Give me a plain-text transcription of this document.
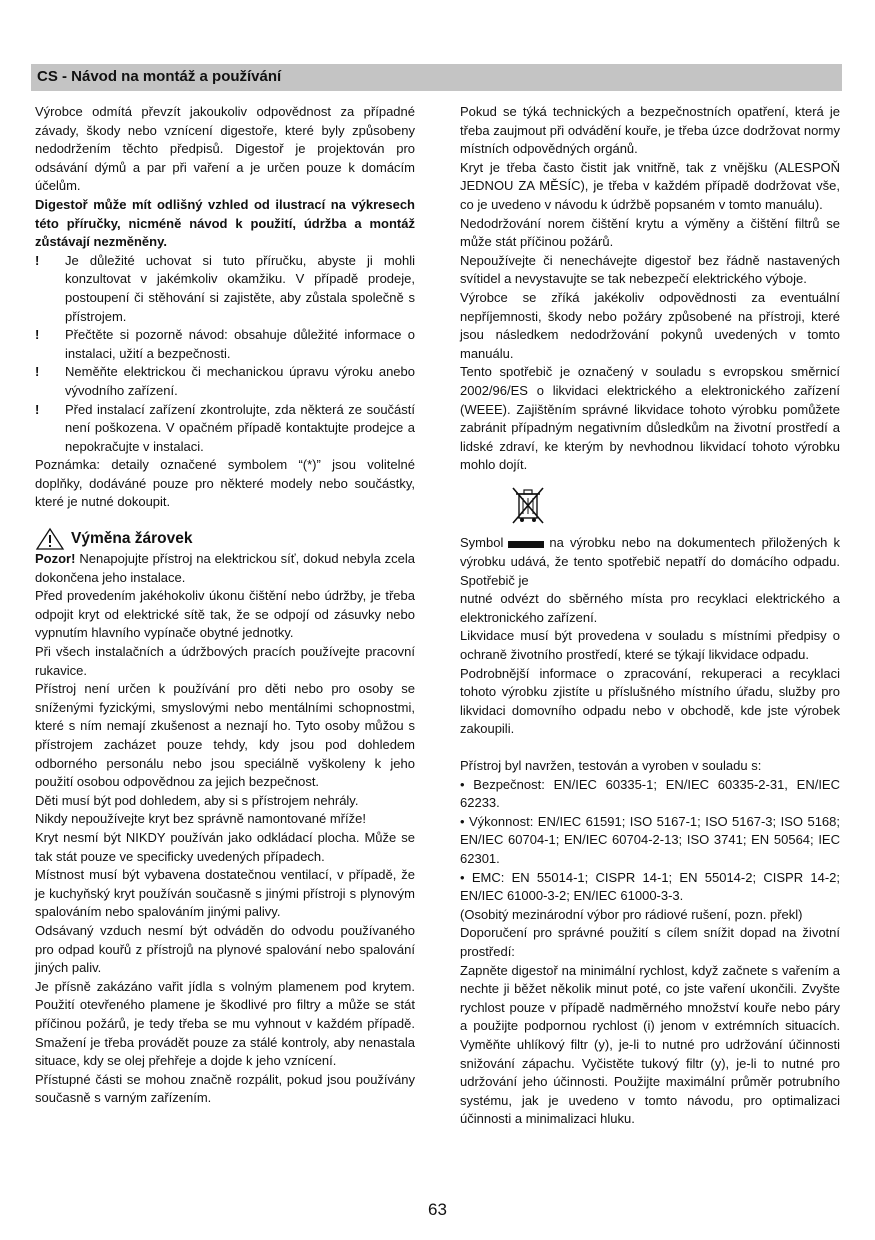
CS - Návod na montáž a používání

Výrobce odmítá převzít jakoukoliv odpovědnost za případné závady, škody nebo vznícení digestoře, které byly způsobeny nedodržením těchto předpisů. Digestoř je projektován pro odsávání dýmů a par při vaření a je určen pouze k domácím účelům.

Digestoř může mít odlišný vzhled od ilustrací na výkresech této příručky, nicméně návod k použití, údržba a montáž zůstávají nezměněny.

! Je důležité uchovat si tuto příručku, abyste ji mohli konzultovat v jakémkoliv okamžiku. V případě prodeje, postoupení či stěhování si zajistěte, aby zůstala společně s přístrojem.

! Přečtěte si pozorně návod: obsahuje důležité informace o instalaci, užití a bezpečnosti.

! Neměňte elektrickou či mechanickou úpravu výroku anebo vývodního zařízení.

! Před instalací zařízení zkontrolujte, zda některá ze součástí není poškozena. V opačném případě kontaktujte prodejce a nepokračujte v instalaci.

Poznámka: detaily označené symbolem “(*)” jsou volitelné doplňky, dodáváné pouze pro některé modely nebo součástky, které je nutné dokoupit.

Výměna žárovek

Pozor! Nenapojujte přístroj na elektrickou síť, dokud nebyla zcela dokončena jeho instalace.

Před provedením jakéhokoliv úkonu čištění nebo údržby, je třeba odpojit kryt od elektrické sítě tak, že se odpojí od zásuvky nebo vypnutím hlavního vypínače obytné jednotky.

Při všech instalačních a údržbových pracích používejte pracovní rukavice.

Přístroj není určen k používání pro děti nebo pro osoby se sníženými fyzickými, smyslovými nebo mentálními schopnostmi, které s ním nemají zkušenost a neznají ho. Tyto osoby můžou s přístrojem zacházet pouze tehdy, kdy jsou pod dohledem odborného personálu nebo jsou speciálně vyškoleny k jeho použití osobou odpovědnou za jejich bezpečnost.

Děti musí být pod dohledem, aby si s přístrojem nehrály.

Nikdy nepoužívejte kryt bez správně namontované mříže!

Kryt nesmí být NIKDY používán jako odkládací plocha. Může se tak stát pouze ve specificky uvedených případech.

Místnost musí být vybavena dostatečnou ventilací, v případě, že je kuchyňský kryt používán současně s jinými přístroji s plynovým spalováním nebo spalováním jinými palivy.

Odsávaný vzduch nesmí být odváděn do odvodu používaného pro odpad kouřů z přístrojů na plynové spalování nebo spalování jiných paliv.

Je přísně zakázáno vařit jídla s volným plamenem pod krytem. Použití otevřeného plamene je škodlivé pro filtry a může se stát příčinou požárů, je tedy třeba se mu vyhnout v každém případě. Smažení je třeba provádět pouze za stálé kontroly, aby nenastala situace, kdy se olej přehřeje a dojde k jeho vznícení.

Přístupné části se mohou značně rozpálit, pokud jsou používány současně s varným zařízením.

Pokud se týká technických a bezpečnostních opatření, která je třeba zaujmout při odvádění kouře, je třeba úzce dodržovat normy místních odpovědných orgánů.

Kryt je třeba často čistit jak vnitřně, tak z vnějšku (ALESPOŇ JEDNOU ZA MĚSÍC), je třeba v každém případě dodržovat vše, co je uvedeno v návodu k údržbě popsaném v tomto manuálu).

Nedodržování norem čištění krytu a výměny a čištění filtrů se může stát příčinou požárů.

Nepoužívejte či nenechávejte digestoř bez řádně nastavených svítidel a nevystavujte se tak nebezpečí elektrického výboje.

Výrobce se zříká jakékoliv odpovědnosti za eventuální nepříjemnosti, škody nebo požáry způsobené na přístroji, které jsou následkem nedodržování pokynů uvedených v tomto manuálu.

Tento spotřebič je označený v souladu s evropskou směrnicí 2002/96/ES o likvidaci elektrického a elektronického zařízení (WEEE). Zajištěním správné likvidace tohoto výrobku pomůžete zabránit případným negativním důsledkům na životní prostředí a lidské zdraví, ke kterým by nevhodnou likvidací tohoto výrobku mohlo dojít.

Symbol	na výrobku nebo na dokumentech přiložených k výrobku udává, že tento spotřebič nepatří do domácího odpadu. Spotřebič je

nutné odvézt do sběrného místa pro recyklaci elektrického a elektronického zařízení.

Likvidace musí být provedena v souladu s místními předpisy o ochraně životního prostředí, které se týkají likvidace odpadu.

Podrobnější informace o zpracování, rekuperaci a recyklaci tohoto výrobku zjistíte u příslušného místního úřadu, služby pro likvidaci domovního odpadu nebo v obchodě, kde jste výrobek zakoupili.

Přístroj byl navržen, testován a vyroben v souladu s:

• Bezpečnost: EN/IEC 60335-1; EN/IEC 60335-2-31, EN/IEC 62233.

• Výkonnost: EN/IEC 61591; ISO 5167-1; ISO 5167-3; ISO 5168; EN/IEC 60704-1; EN/IEC 60704-2-13; ISO 3741; EN 50564; IEC 62301.

• EMC: EN 55014-1; CISPR 14-1; EN 55014-2; CISPR 14-2; EN/IEC 61000-3-2; EN/IEC 61000-3-3.

(Osobitý mezinárodní výbor pro rádiové rušení, pozn. překl)

Doporučení pro správné použití s cílem snížit dopad na životní prostředí:

Zapněte digestoř na minimální rychlost, když začnete s vařením a nechte ji běžet několik minut poté, co jste vaření ukončili. Zvyšte rychlost pouze v případě nadměrného množství kouře nebo páry a použijte podpornou rychlost (i) jenom v extrémních situacích. Vyměňte uhlíkový filtr (y), je-li to nutné pro udržování účinnosti snižování zápachu. Vyčistěte tukový filtr (y), je-li to nutné pro udržování jeho účinnosti. Použijte maximální průměr potrubního systému, jak je uvedeno v tomto návodu, pro optimalizaci účinnosti a minimalizaci hluku.

63
